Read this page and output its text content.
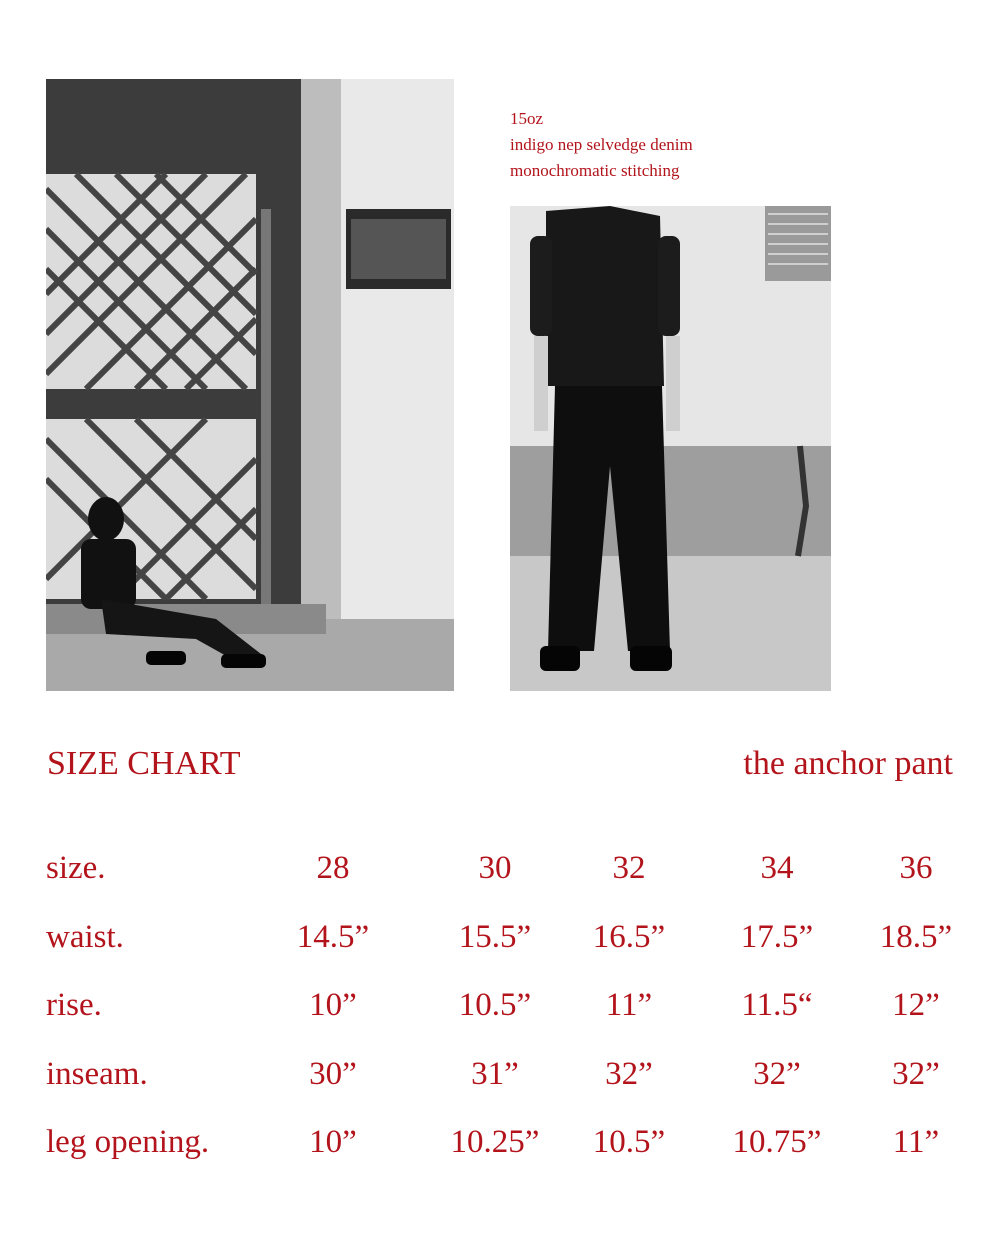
15oz
indigo nep selvedge denim
monochromatic stitching
SIZE CHART	the anchor pant
size.	28	30	32	34	36
waist.	14.5”	15.5”	16.5”	17.5”	18.5”
rise.	10”	10.5”	11”	11.5“	12”
inseam.	30”	31”	32”	32”	32”
leg opening.	10”	10.25”	10.5”	10.75”	11”
